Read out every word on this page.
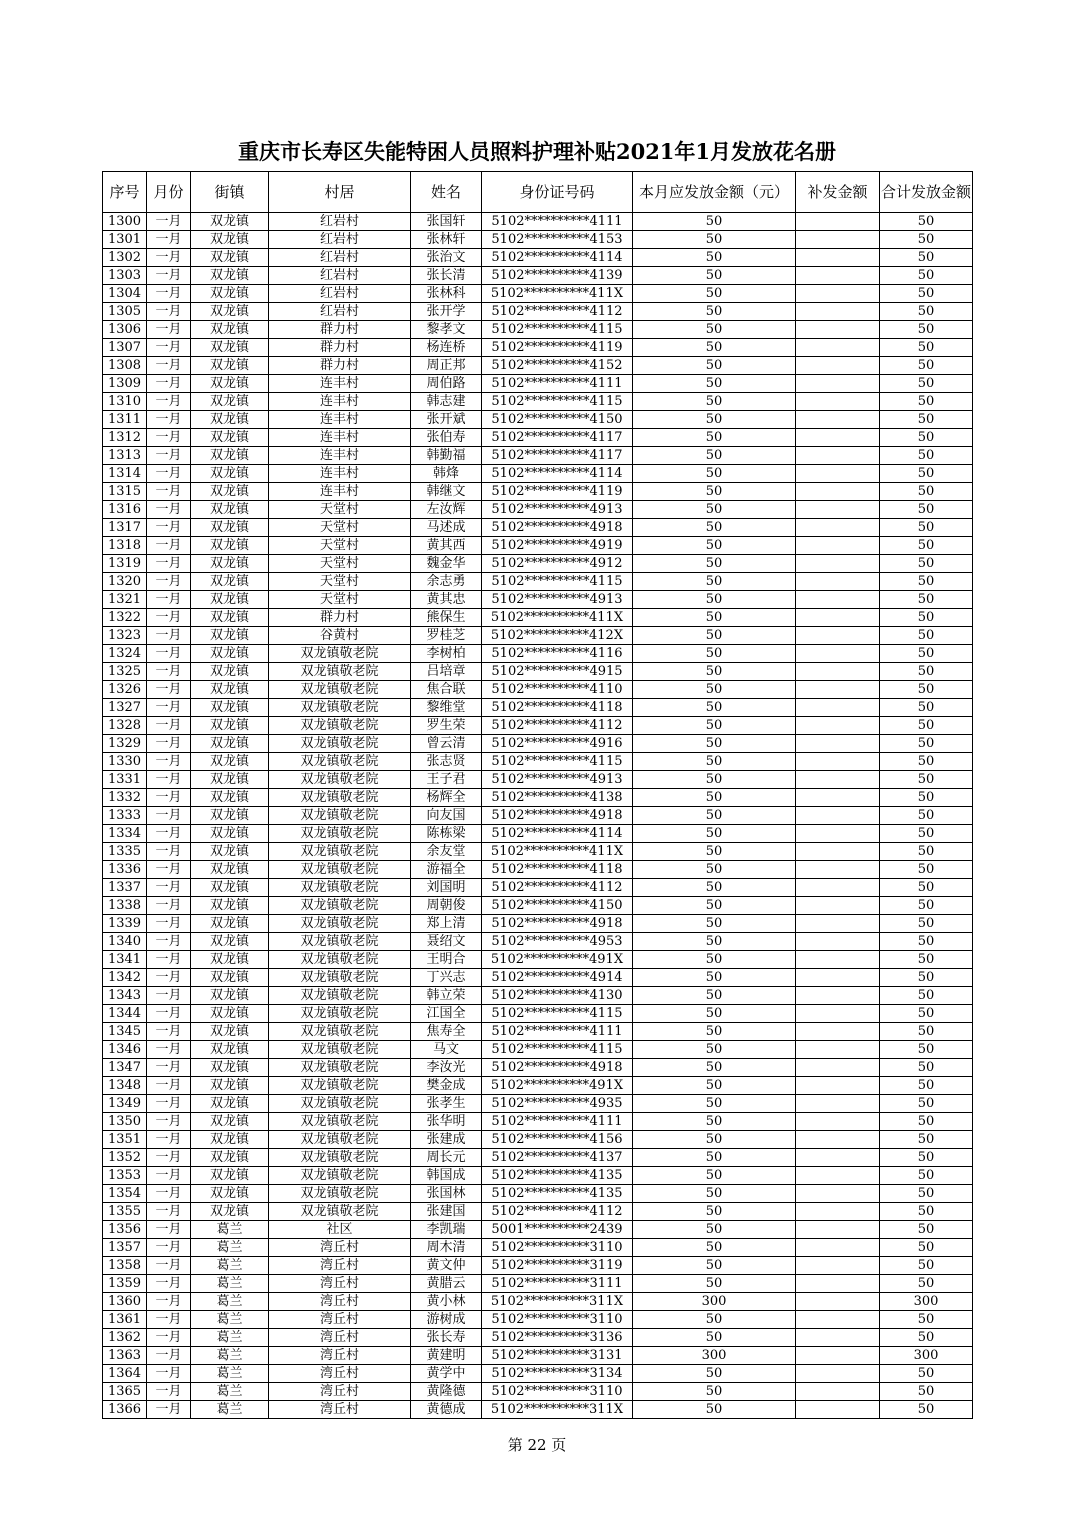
重庆市长寿区失能特困人员照料护理补贴2021年1月发放花名册
序号	月份	街镇	村居	姓名	身份证号码	本月应发放金额（元）	补发金额	合计发放金额
1300	一月	双龙镇	红岩村	张国轩	5102**********4111	50		50
1301	一月	双龙镇	红岩村	张林轩	5102**********4153	50		50
1302	一月	双龙镇	红岩村	张治文	5102**********4114	50		50
1303	一月	双龙镇	红岩村	张长清	5102**********4139	50		50
1304	一月	双龙镇	红岩村	张林科	5102**********411X	50		50
1305	一月	双龙镇	红岩村	张开学	5102**********4112	50		50
1306	一月	双龙镇	群力村	黎孝文	5102**********4115	50		50
1307	一月	双龙镇	群力村	杨连桥	5102**********4119	50		50
1308	一月	双龙镇	群力村	周正邦	5102**********4152	50		50
1309	一月	双龙镇	连丰村	周伯路	5102**********4111	50		50
1310	一月	双龙镇	连丰村	韩志建	5102**********4115	50		50
1311	一月	双龙镇	连丰村	张开斌	5102**********4150	50		50
1312	一月	双龙镇	连丰村	张伯寿	5102**********4117	50		50
1313	一月	双龙镇	连丰村	韩勤福	5102**********4117	50		50
1314	一月	双龙镇	连丰村	韩烽	5102**********4114	50		50
1315	一月	双龙镇	连丰村	韩继文	5102**********4119	50		50
1316	一月	双龙镇	天堂村	左汝辉	5102**********4913	50		50
1317	一月	双龙镇	天堂村	马述成	5102**********4918	50		50
1318	一月	双龙镇	天堂村	黄其西	5102**********4919	50		50
1319	一月	双龙镇	天堂村	魏金华	5102**********4912	50		50
1320	一月	双龙镇	天堂村	余志勇	5102**********4115	50		50
1321	一月	双龙镇	天堂村	黄其忠	5102**********4913	50		50
1322	一月	双龙镇	群力村	熊保生	5102**********411X	50		50
1323	一月	双龙镇	谷黄村	罗桂芝	5102**********412X	50		50
1324	一月	双龙镇	双龙镇敬老院	李树柏	5102**********4116	50		50
1325	一月	双龙镇	双龙镇敬老院	吕培章	5102**********4915	50		50
1326	一月	双龙镇	双龙镇敬老院	焦合联	5102**********4110	50		50
1327	一月	双龙镇	双龙镇敬老院	黎维堂	5102**********4118	50		50
1328	一月	双龙镇	双龙镇敬老院	罗生荣	5102**********4112	50		50
1329	一月	双龙镇	双龙镇敬老院	曾云清	5102**********4916	50		50
1330	一月	双龙镇	双龙镇敬老院	张志贤	5102**********4115	50		50
1331	一月	双龙镇	双龙镇敬老院	王子君	5102**********4913	50		50
1332	一月	双龙镇	双龙镇敬老院	杨辉全	5102**********4138	50		50
1333	一月	双龙镇	双龙镇敬老院	向友国	5102**********4918	50		50
1334	一月	双龙镇	双龙镇敬老院	陈栋梁	5102**********4114	50		50
1335	一月	双龙镇	双龙镇敬老院	余友堂	5102**********411X	50		50
1336	一月	双龙镇	双龙镇敬老院	游福全	5102**********4118	50		50
1337	一月	双龙镇	双龙镇敬老院	刘国明	5102**********4112	50		50
1338	一月	双龙镇	双龙镇敬老院	周朝俊	5102**********4150	50		50
1339	一月	双龙镇	双龙镇敬老院	郑上清	5102**********4918	50		50
1340	一月	双龙镇	双龙镇敬老院	聂绍文	5102**********4953	50		50
1341	一月	双龙镇	双龙镇敬老院	王明合	5102**********491X	50		50
1342	一月	双龙镇	双龙镇敬老院	丁兴志	5102**********4914	50		50
1343	一月	双龙镇	双龙镇敬老院	韩立荣	5102**********4130	50		50
1344	一月	双龙镇	双龙镇敬老院	江国全	5102**********4115	50		50
1345	一月	双龙镇	双龙镇敬老院	焦寿全	5102**********4111	50		50
1346	一月	双龙镇	双龙镇敬老院	马文	5102**********4115	50		50
1347	一月	双龙镇	双龙镇敬老院	李汝光	5102**********4918	50		50
1348	一月	双龙镇	双龙镇敬老院	樊金成	5102**********491X	50		50
1349	一月	双龙镇	双龙镇敬老院	张孝生	5102**********4935	50		50
1350	一月	双龙镇	双龙镇敬老院	张华明	5102**********4111	50		50
1351	一月	双龙镇	双龙镇敬老院	张建成	5102**********4156	50		50
1352	一月	双龙镇	双龙镇敬老院	周长元	5102**********4137	50		50
1353	一月	双龙镇	双龙镇敬老院	韩国成	5102**********4135	50		50
1354	一月	双龙镇	双龙镇敬老院	张国林	5102**********4135	50		50
1355	一月	双龙镇	双龙镇敬老院	张建国	5102**********4112	50		50
1356	一月	葛兰	社区	李凯瑞	5001**********2439	50		50
1357	一月	葛兰	湾丘村	周木清	5102**********3110	50		50
1358	一月	葛兰	湾丘村	黄文仲	5102**********3119	50		50
1359	一月	葛兰	湾丘村	黄腊云	5102**********3111	50		50
1360	一月	葛兰	湾丘村	黄小林	5102**********311X	300		300
1361	一月	葛兰	湾丘村	游树成	5102**********3110	50		50
1362	一月	葛兰	湾丘村	张长寿	5102**********3136	50		50
1363	一月	葛兰	湾丘村	黄建明	5102**********3131	300		300
1364	一月	葛兰	湾丘村	黄学中	5102**********3134	50		50
1365	一月	葛兰	湾丘村	黄隆德	5102**********3110	50		50
1366	一月	葛兰	湾丘村	黄德成	5102**********311X	50		50
第 22 页
